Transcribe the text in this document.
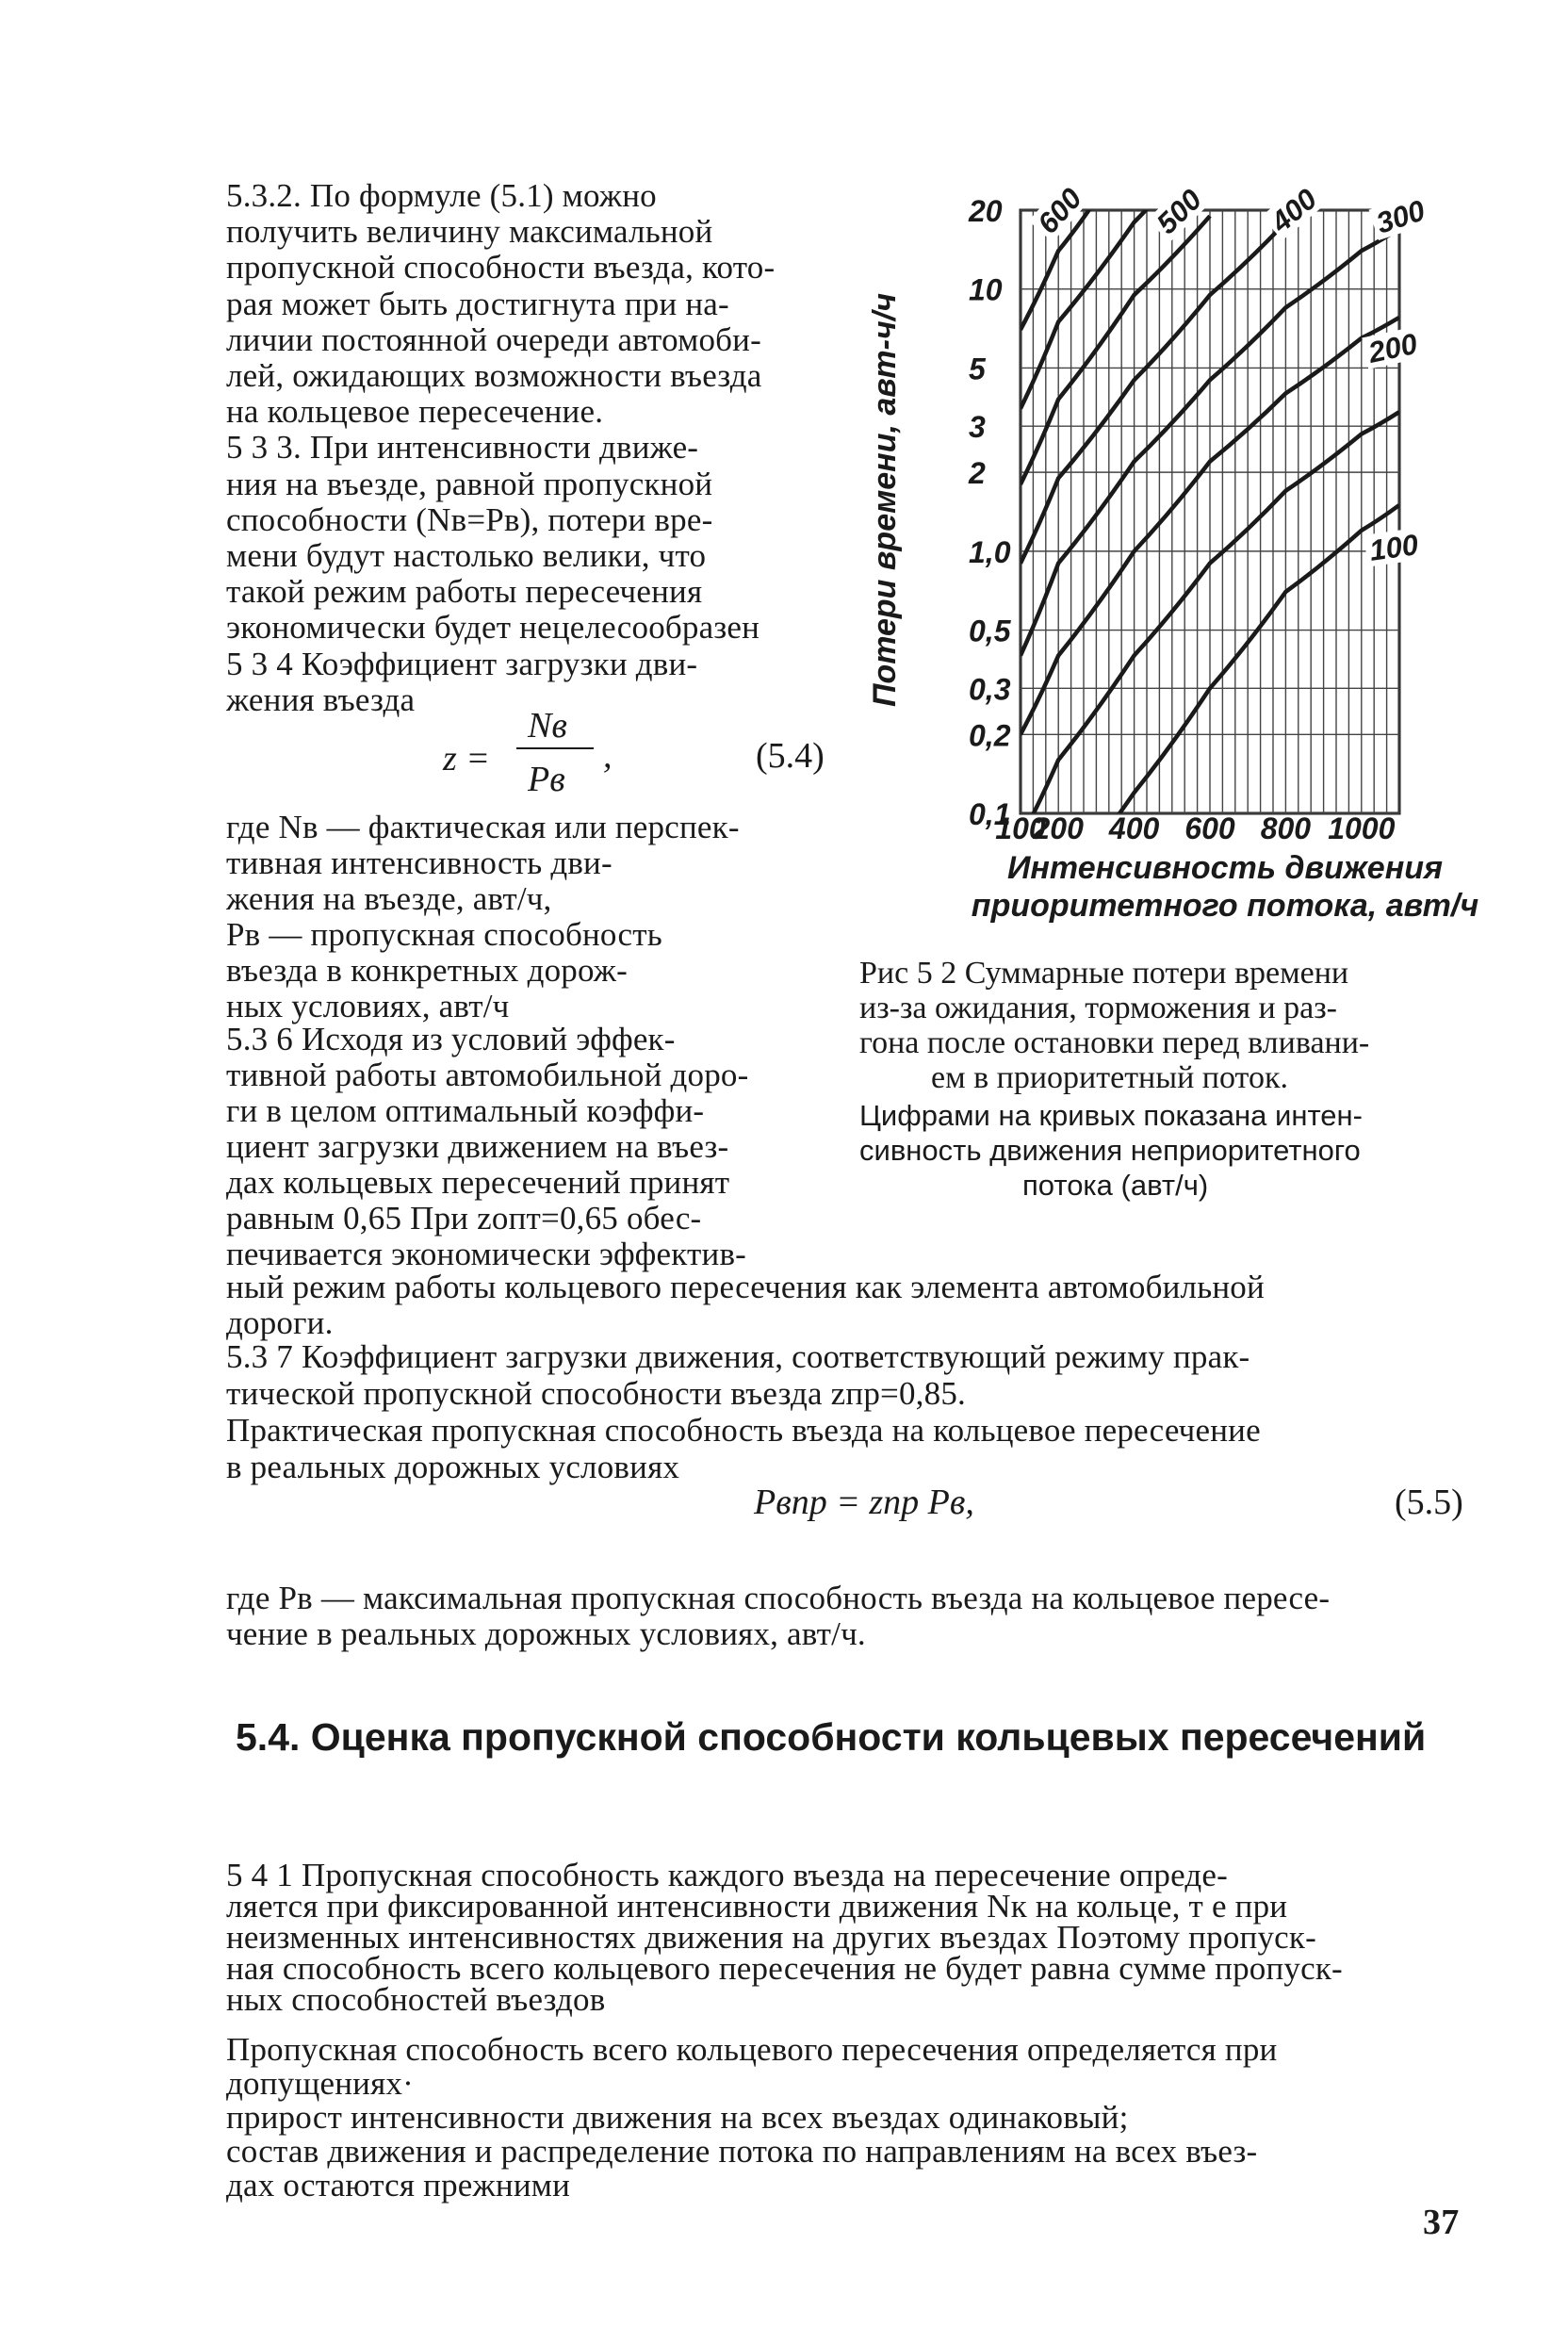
5.3.2. По формуле (5.1) можно
получить величину максимальной
пропускной способности въезда, кото-
рая может быть достигнута при на-
личии постоянной очереди автомоби-
лей, ожидающих возможности въезда
на кольцевое пересечение.
5 3 3. При интенсивности движе-
ния на въезде, равной пропускной
способности (Nв=Pв), потери вре-
мени будут настолько велики, что
такой режим работы пересечения
экономически будет нецелесообразен
5 3 4 Коэффициент загрузки дви-
жения въезда
z =
Nв
Pв
,	(5.4)
где Nв — фактическая или перспек-
тивная интенсивность дви-
жения на въезде, авт/ч,
Pв — пропускная способность
въезда в конкретных дорож-
ных условиях, авт/ч
5.3 6 Исходя из условий эффек-
тивной работы автомобильной доро-
ги в целом оптимальный коэффи-
циент загрузки движением на въез-
дах кольцевых пересечений принят
равным 0,65 При zопт=0,65 обес-
печивается экономически эффектив-
20
10
5
3
2
1,0
0,5
0,3
0,2
0,1
100
200 400 600 800 1000
600 500 400 300
200
100
Потери времени, авт-ч/ч
Интенсивность движения
приоритетного потока, авт/ч
Рис 5 2 Суммарные потери времени
из-за ожидания, торможения и раз-
гона после остановки перед вливани-
ем в приоритетный поток.
Цифрами на кривых показана интен-
сивность движения неприоритетного
потока (авт/ч)
ный режим работы кольцевого пересечения как элемента автомобильной
дороги.
5.3 7 Коэффициент загрузки движения, соответствующий режиму прак-
тической пропускной способности въезда zпр=0,85.
Практическая пропускная способность въезда на кольцевое пересечение
в реальных дорожных условиях
Pвпр = zпр Pв,	(5.5)
где Pв — максимальная пропускная способность въезда на кольцевое пересе-
чение в реальных дорожных условиях, авт/ч.
5.4. Оценка пропускной способности кольцевых пересечений
5 4 1 Пропускная способность каждого въезда на пересечение опреде-
ляется при фиксированной интенсивности движения Nк на кольце, т е при
неизменных интенсивностях движения на других въездах Поэтому пропуск-
ная способность всего кольцевого пересечения не будет равна сумме пропуск-
ных способностей въездов
Пропускная способность всего кольцевого пересечения определяется при
допущениях·
прирост интенсивности движения на всех въездах одинаковый;
состав движения и распределение потока по направлениям на всех въез-
дах остаются прежними
37
